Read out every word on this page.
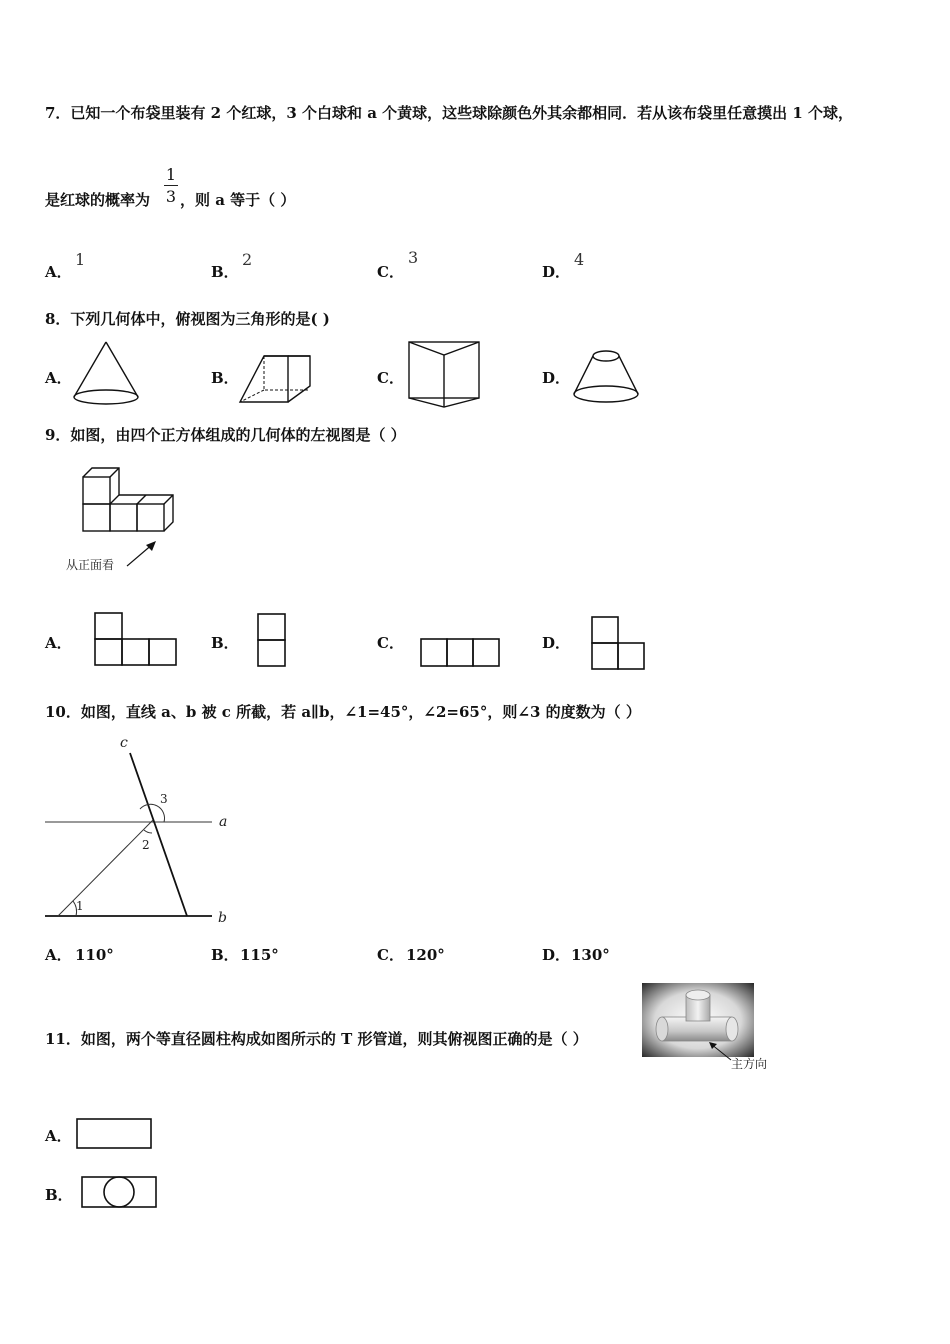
7．已知一个布袋里装有 2 个红球，3 个白球和 a 个黄球，这些球除颜色外其余都相同．若从该布袋里任意摸出 1 个球，
是红球的概率为
1
3 ，则 a 等于（ ）
A．
1
B．
2
C．
3
D．
4
8．下列几何体中，俯视图为三角形的是( )
A．	B．	C．	D．
9．如图，由四个正方体组成的几何体的左视图是（ ）
从正面看
A．	B．	C．	D．
10．如图，直线 a、b 被 c 所截，若 a∥b，∠1=45°，∠2=65°，则∠3 的度数为（ ）
c
a
b
3
2
1
A． 110°	B． 115°	C． 120°	D． 130°
11．如图，两个等直径圆柱构成如图所示的 T 形管道，则其俯视图正确的是（ ）
主方向
A．
B．
